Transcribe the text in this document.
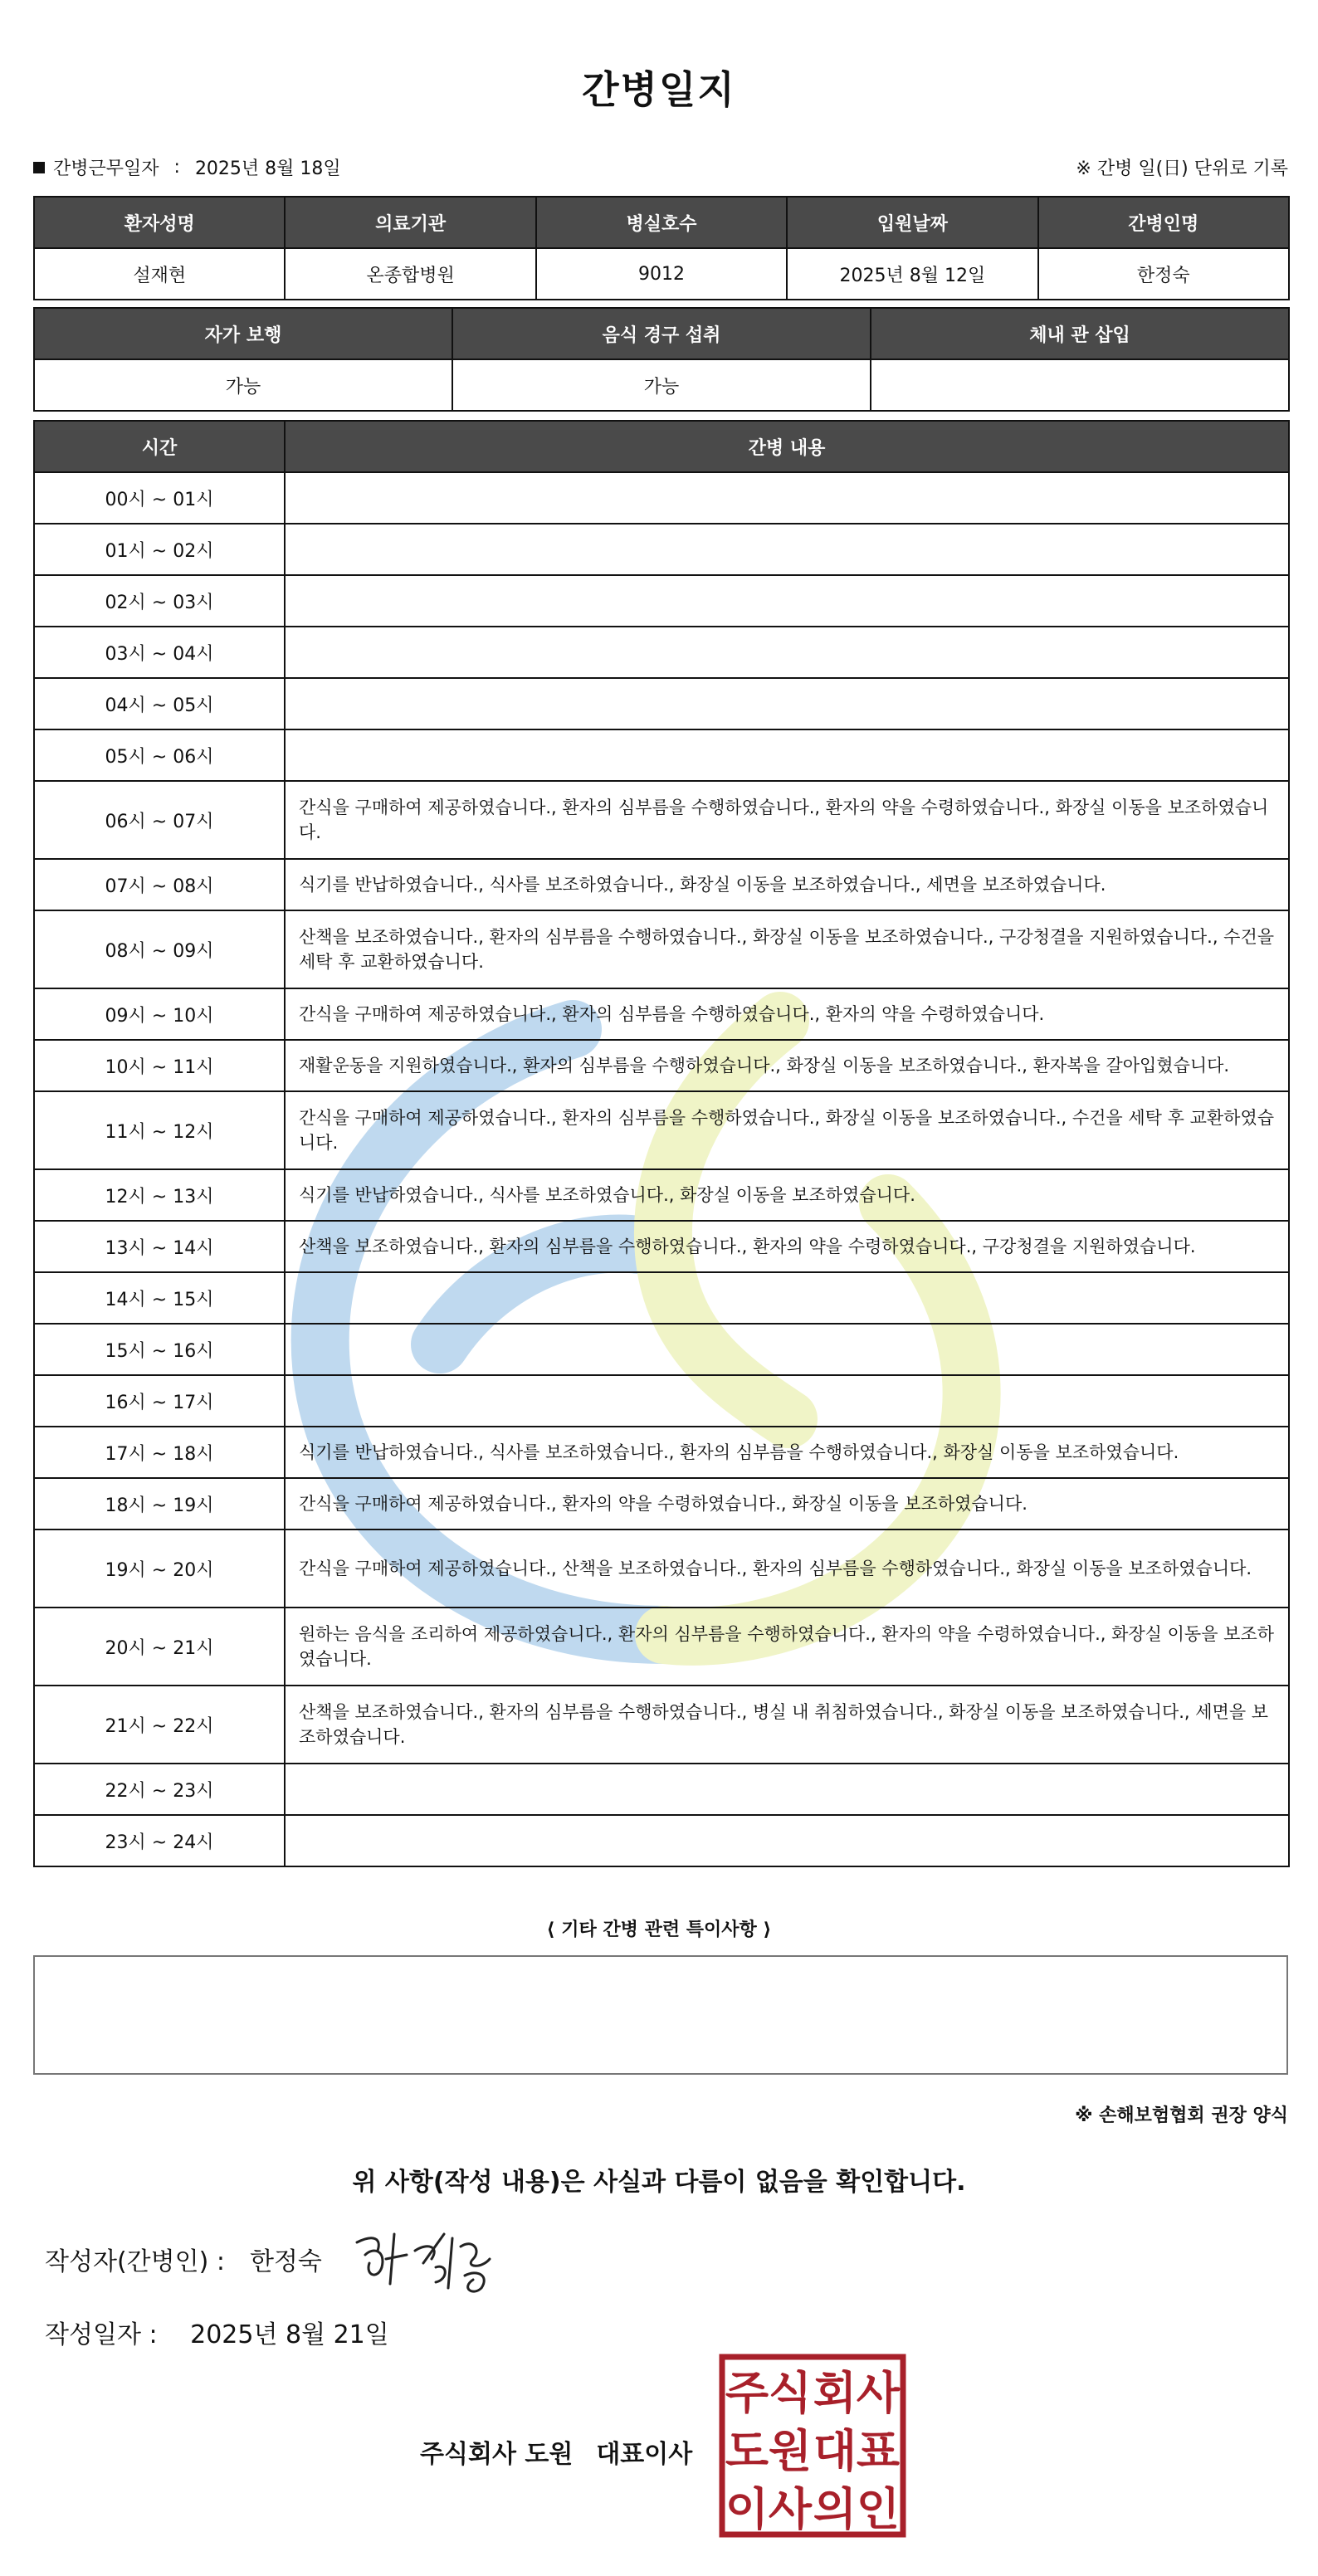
간병일지
간병근무일자 : 2025년 8월 18일	※ 간병 일(日) 단위로 기록
환자성명	의료기관	병실호수	입원날짜	간병인명
설재현	온종합병원	9012	2025년 8월 12일	한정숙
자가 보행	음식 경구 섭취	체내 관 삽입
가능	가능	
시간	간병 내용
00시 ~ 01시	
01시 ~ 02시	
02시 ~ 03시	
03시 ~ 04시	
04시 ~ 05시	
05시 ~ 06시	
06시 ~ 07시	간식을 구매하여 제공하였습니다., 환자의 심부름을 수행하였습니다., 환자의 약을 수령하였습니다., 화장실 이동을 보조하였습니다.
07시 ~ 08시	식기를 반납하였습니다., 식사를 보조하였습니다., 화장실 이동을 보조하였습니다., 세면을 보조하였습니다.
08시 ~ 09시	산책을 보조하였습니다., 환자의 심부름을 수행하였습니다., 화장실 이동을 보조하였습니다., 구강청결을 지원하였습니다., 수건을 세탁 후 교환하였습니다.
09시 ~ 10시	간식을 구매하여 제공하였습니다., 환자의 심부름을 수행하였습니다., 환자의 약을 수령하였습니다.
10시 ~ 11시	재활운동을 지원하였습니다., 환자의 심부름을 수행하였습니다., 화장실 이동을 보조하였습니다., 환자복을 갈아입혔습니다.
11시 ~ 12시	간식을 구매하여 제공하였습니다., 환자의 심부름을 수행하였습니다., 화장실 이동을 보조하였습니다., 수건을 세탁 후 교환하였습니다.
12시 ~ 13시	식기를 반납하였습니다., 식사를 보조하였습니다., 화장실 이동을 보조하였습니다.
13시 ~ 14시	산책을 보조하였습니다., 환자의 심부름을 수행하였습니다., 환자의 약을 수령하였습니다., 구강청결을 지원하였습니다.
14시 ~ 15시	
15시 ~ 16시	
16시 ~ 17시	
17시 ~ 18시	식기를 반납하였습니다., 식사를 보조하였습니다., 환자의 심부름을 수행하였습니다., 화장실 이동을 보조하였습니다.
18시 ~ 19시	간식을 구매하여 제공하였습니다., 환자의 약을 수령하였습니다., 화장실 이동을 보조하였습니다.
19시 ~ 20시	간식을 구매하여 제공하였습니다., 산책을 보조하였습니다., 환자의 심부름을 수행하였습니다., 화장실 이동을 보조하였습니다.
20시 ~ 21시	원하는 음식을 조리하여 제공하였습니다., 환자의 심부름을 수행하였습니다., 환자의 약을 수령하였습니다., 화장실 이동을 보조하였습니다.
21시 ~ 22시	산책을 보조하였습니다., 환자의 심부름을 수행하였습니다., 병실 내 취침하였습니다., 화장실 이동을 보조하였습니다., 세면을 보조하였습니다.
22시 ~ 23시	
23시 ~ 24시	
⟨ 기타 간병 관련 특이사항 ⟩
※ 손해보험협회 권장 양식
위 사항(작성 내용)은 사실과 다름이 없음을 확인합니다.
작성자(간병인) : 한정숙
작성일자 : 2025년 8월 21일
주식회사 도원 대표이사
주 식 회 사
도 원 대 표
이 사 의 인
